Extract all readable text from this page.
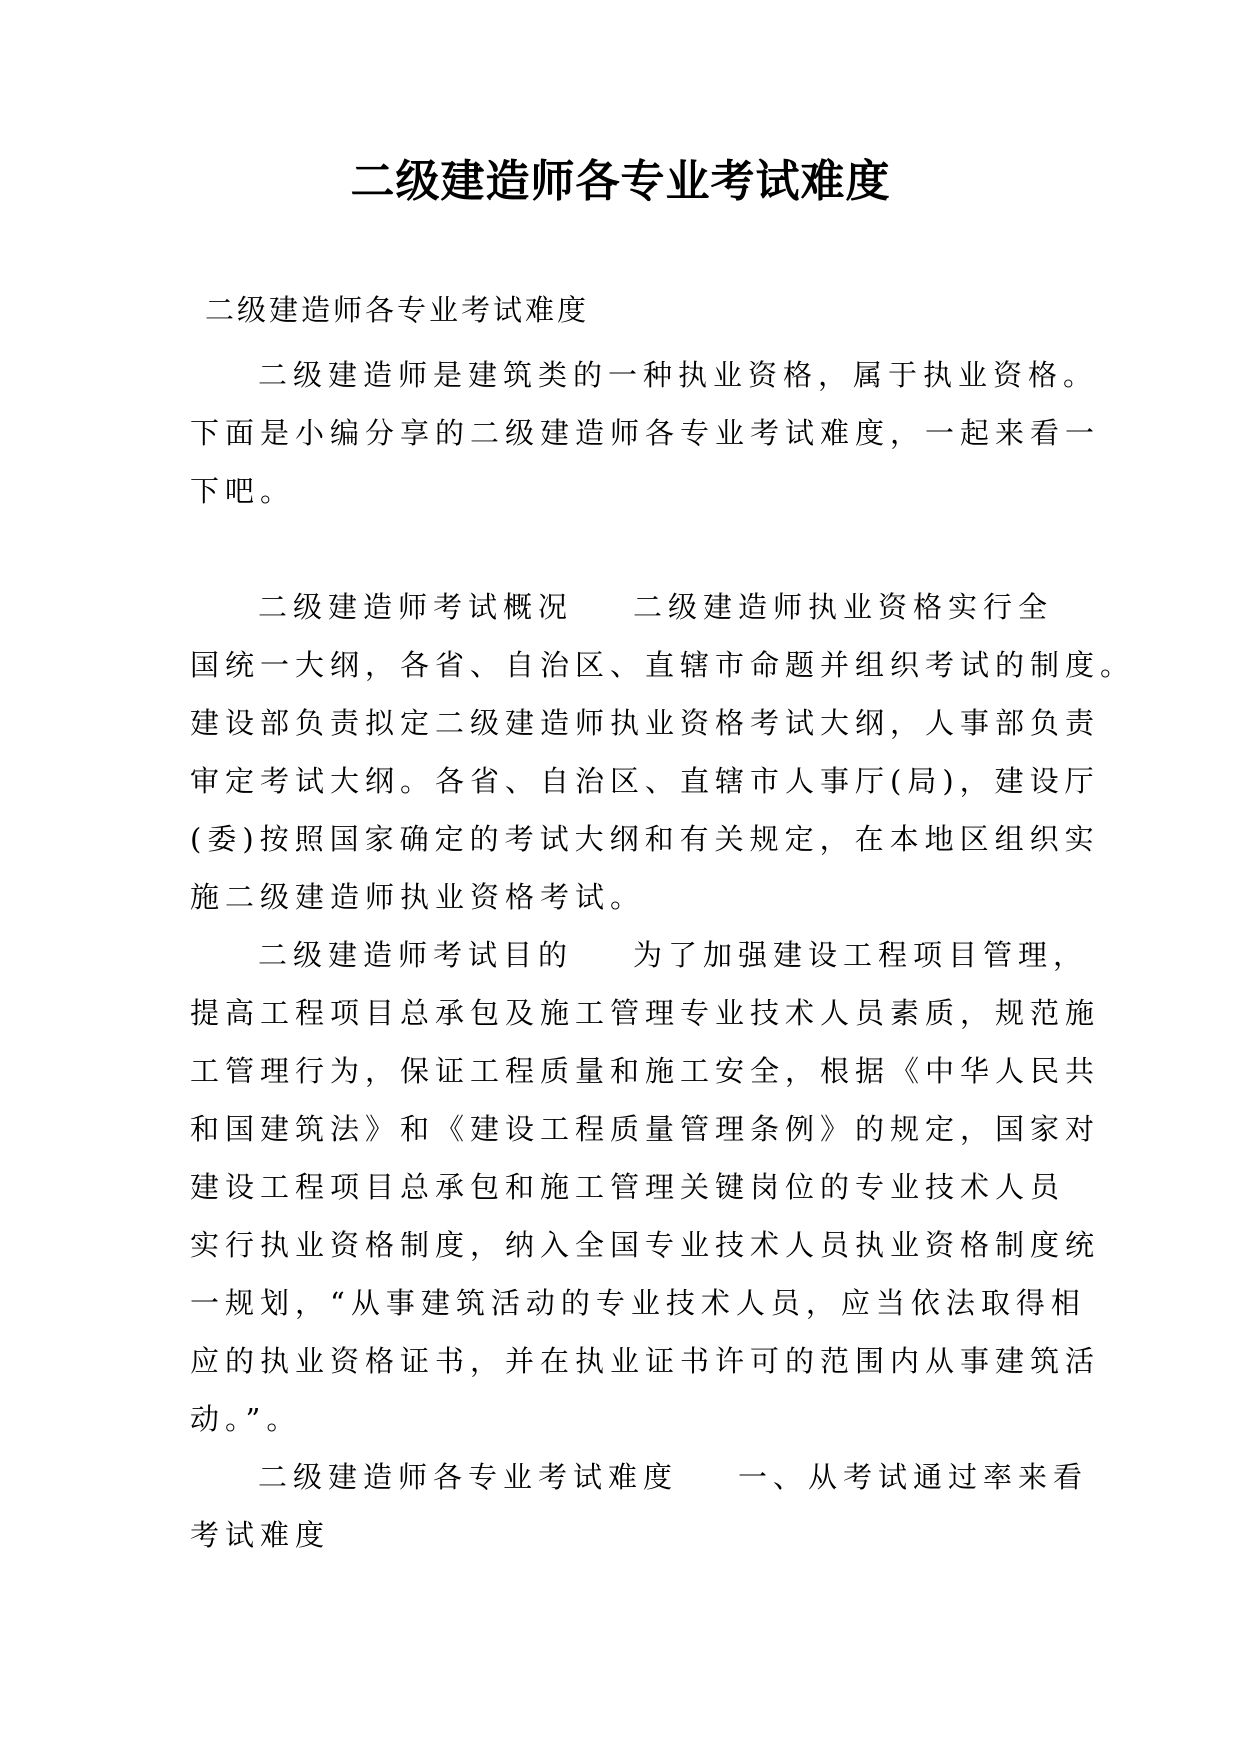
二级建造师各专业考试难度

二级建造师各专业考试难度

二级建造师是建筑类的一种执业资格，属于执业资格。
下面是小编分享的二级建造师各专业考试难度，一起来看一
下吧。
二级建造师考试概况 二级建造师执业资格实行全
国统一大纲，各省、自治区、直辖市命题并组织考试的制度。
建设部负责拟定二级建造师执业资格考试大纲，人事部负责
审定考试大纲。各省、自治区、直辖市人事厅(局)，建设厅
(委)按照国家确定的考试大纲和有关规定，在本地区组织实
施二级建造师执业资格考试。
二级建造师考试目的 为了加强建设工程项目管理，
提高工程项目总承包及施工管理专业技术人员素质，规范施
工管理行为，保证工程质量和施工安全，根据《中华人民共
和国建筑法》和《建设工程质量管理条例》的规定，国家对
建设工程项目总承包和施工管理关键岗位的专业技术人员
实行执业资格制度，纳入全国专业技术人员执业资格制度统
一规划，“从事建筑活动的专业技术人员，应当依法取得相
应的执业资格证书，并在执业证书许可的范围内从事建筑活
动。”。
二级建造师各专业考试难度 一、从考试通过率来看
考试难度
